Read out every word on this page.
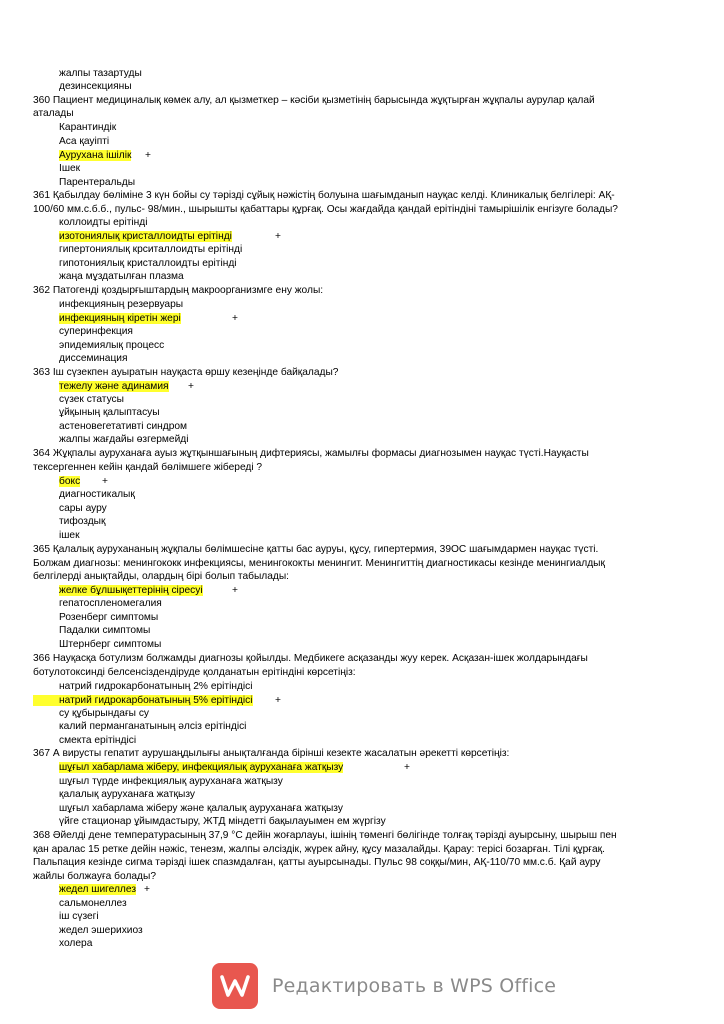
жалпы тазартуды
дезинсекцияны
360 Пациент медициналық көмек алу, ал қызметкер – кәсіби қызметінің барысында жұқтырған жұқпалы аурулар қалай
аталады
Карантиндік
Аса қауіпті
Аурухана ішілік +
Ішек
Парентеральды
361 Қабылдау бөлiмiне 3 күн бойы су тәрiздi сұйық нәжiстiң болуына шағымданып науқас келдi. Клиникалық белгiлерi: АҚ-
100/60 мм.с.б.б., пульс- 98/мин., шырышты қабаттары құрғақ. Осы жағдайда қандай ерiтiндiнi тамырiшiлiк енгiзуге болады?
коллоидты ерiтiндi
изотониялық кристаллоидты ерiтiндi	+
гипертониялық крситаллоидты ерiтiндi
гипотониялық кристаллоидты ерiтiндi
жаңа мұздатылған плазма
362 Патогендi қоздырғыштардың макроорганизмге ену жолы:
инфекцияның резервуары
инфекцияның кiретiн жерi	+
суперинфекция
эпидемиялық процесс
диссеминация
363 Іш сүзекпен ауыратын науқаста өршу кезеңінде байқалады?
тежелу және адинамия +
сүзек статусы
ұйқының қалыптасуы
астеновегетативті синдром
жалпы жағдайы өзгермейді
364 Жұқпалы ауруханаға ауыз жұтқыншағының дифтериясы, жамылғы формасы диагнозымен науқас түсті.Науқасты
тексергеннен кейін қандай бөлімшеге жібереді ?
бокс +
диагностикалық
сары ауру
тифоздық
ішек
365 Қалалық аурухананың жұқпалы бөлімшесіне қатты бас ауруы, құсу, гипертермия, 39ОС шағымдармен науқас түсті.
Болжам диагнозы: менингококк инфекциясы, менингококты менингит. Менингиттің диагностикасы кезінде менингиалдық
белгілерді анықтайды, олардың бірі болып табылады:
желке бұлшықеттерінің сіресуі	+
гепатоспленомегалия
Розенберг симптомы
Падалки симптомы
Штернберг симптомы
366 Науқасқа ботулизм болжамды диагнозы қойылды. Медбикеге асқазанды жуу керек. Асқазан-ішек жолдарындағы
ботулотоксинді белсенсіздендіруде қолданатын ерітіндіні көрсетіңіз:
натрий гидрокарбонатының 2% ерітіндісі
натрий гидрокарбонатының 5% ерітіндісі +
су құбырындағы су
калий перманганатының әлсіз ерітіндісі
смекта ерітіндісі
367 А вирусты гепатит аурушаңдылығы анықталғанда бірінші кезекте жасалатын әрекетті көрсетіңіз:
шұғыл хабарлама жіберу, инфекциялық ауруханаға жатқызу	+
шұғыл түрде инфекциялық ауруханаға жатқызу
қалалық ауруханаға жатқызу
шұғыл хабарлама жіберу және қалалық ауруханаға жатқызу
үйге стационар ұйымдастыру, ЖТД міндетті бақылауымен ем жүргізу
368 Әйелді дене температурасының 37,9 °С дейін жоғарлауы, ішінің төменгі бөлігінде толғақ тәрізді ауырсыну, шырыш пен
қан аралас 15 ретке дейін нәжіс, тенезм, жалпы әлсіздік, жүрек айну, құсу мазалайды. Қарау: терісі бозарған. Тілі құрғақ.
Пальпация кезінде сигма тәрізді ішек спазмдалған, қатты ауырсынады. Пульс 98 соққы/мин, АҚ-110/70 мм.с.б. Қай ауру
жайлы болжауға болады?
жедел шигеллез +
сальмонеллез
іш сүзегі
жедел эшерихиоз
холера
Редактировать в WPS Office
